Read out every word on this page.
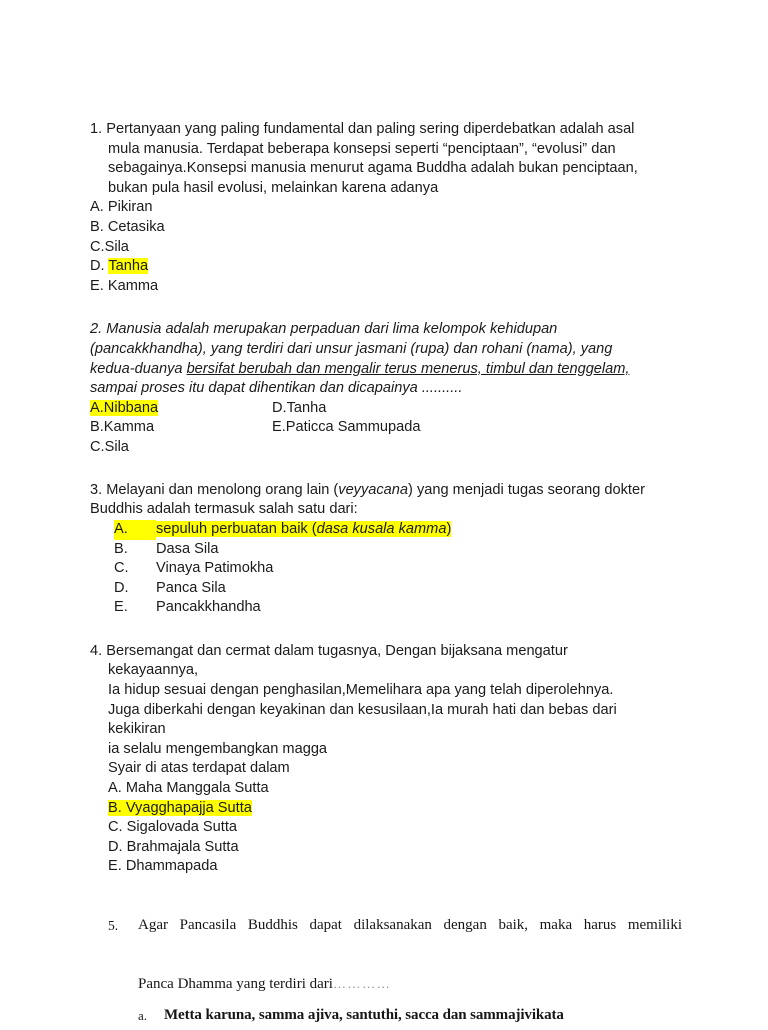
1. Pertanyaan yang paling fundamental dan paling sering diperdebatkan adalah asal
mula manusia. Terdapat beberapa konsepsi seperti “penciptaan”, “evolusi” dan
sebagainya.Konsepsi manusia menurut agama Buddha adalah bukan penciptaan,
bukan pula hasil evolusi, melainkan karena adanya
A. Pikiran
B. Cetasika
C.Sila
D. Tanha
E. Kamma
2. Manusia adalah merupakan perpaduan dari lima kelompok kehidupan
(pancakkhandha), yang terdiri dari unsur jasmani (rupa) dan rohani (nama), yang
kedua-duanya bersifat berubah dan mengalir terus menerus, timbul dan tenggelam,
sampai proses itu dapat dihentikan dan dicapainya ..........
A.Nibbana
B.Kamma
C.Sila
D.Tanha
E.Paticca Sammupada
3. Melayani dan menolong orang lain (veyyacana) yang menjadi tugas seorang dokter
Buddhis adalah termasuk salah satu dari:
A.	sepuluh perbuatan baik (dasa kusala kamma)
B.	Dasa Sila
C.	Vinaya Patimokha
D.	Panca Sila
E.	Pancakkhandha
4. Bersemangat dan cermat dalam tugasnya, Dengan bijaksana mengatur
kekayaannya,
Ia hidup sesuai dengan penghasilan,Memelihara apa yang telah diperolehnya.
Juga diberkahi dengan keyakinan dan kesusilaan,Ia murah hati dan bebas dari
kekikiran
ia selalu mengembangkan magga
Syair di atas terdapat dalam
A. Maha Manggala Sutta
B. Vyagghapajja Sutta
C. Sigalovada Sutta
D. Brahmajala Sutta
E. Dhammapada
5.	Agar Pancasila Buddhis dapat dilaksanakan dengan baik, maka harus memiliki
Panca Dhamma yang terdiri dari…………
a.	Metta karuna, samma ajiva, santuthi, sacca dan sammajivikata
